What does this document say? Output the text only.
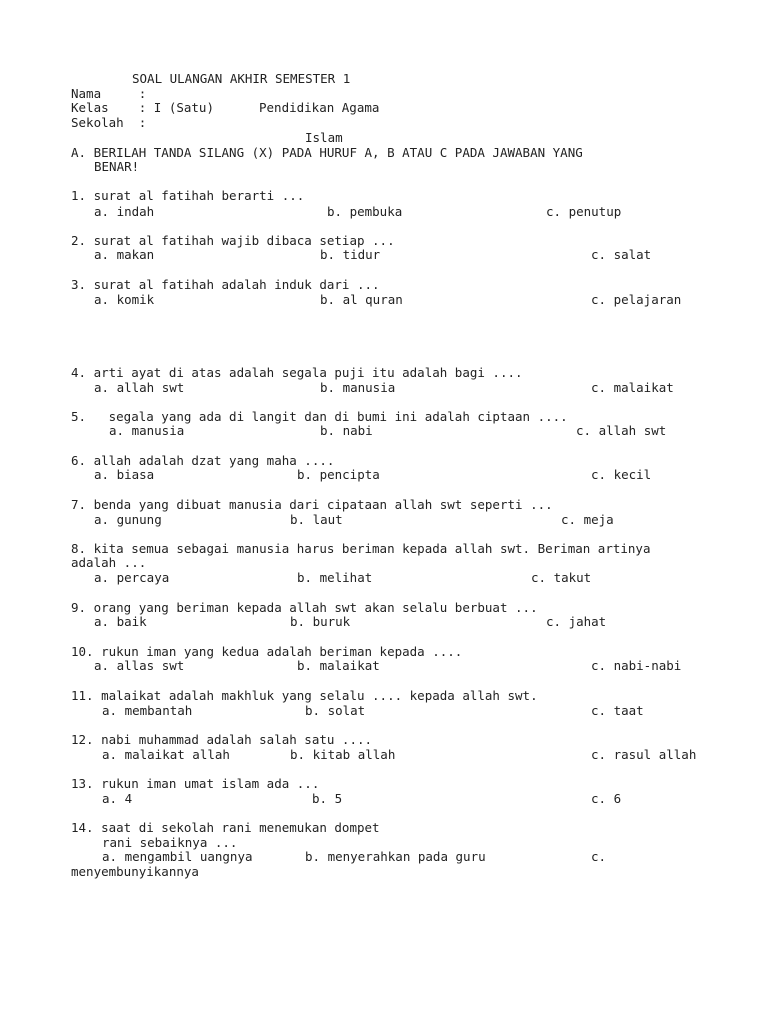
SOAL ULANGAN AKHIR SEMESTER 1
Nama     :
Kelas    : I (Satu)	Pendidikan Agama
Sekolah  :
Islam
A. BERILAH TANDA SILANG (X) PADA HURUF A, B ATAU C PADA JAWABAN YANG
BENAR!
1. surat al fatihah berarti ...
a. indah	b. pembuka	c. penutup
2. surat al fatihah wajib dibaca setiap ...
a. makan	b. tidur	c. salat
3. surat al fatihah adalah induk dari ...
a. komik	b. al quran	c. pelajaran
4. arti ayat di atas adalah segala puji itu adalah bagi ....
a. allah swt	b. manusia	c. malaikat
5.   segala yang ada di langit dan di bumi ini adalah ciptaan ....
a. manusia	b. nabi	c. allah swt
6. allah adalah dzat yang maha ....
a. biasa	b. pencipta	c. kecil
7. benda yang dibuat manusia dari cipataan allah swt seperti ...
a. gunung	b. laut	c. meja
8. kita semua sebagai manusia harus beriman kepada allah swt. Beriman artinya
adalah ...
a. percaya	b. melihat	c. takut
9. orang yang beriman kepada allah swt akan selalu berbuat ...
a. baik	b. buruk	c. jahat
10. rukun iman yang kedua adalah beriman kepada ....
a. allas swt	b. malaikat	c. nabi-nabi
11. malaikat adalah makhluk yang selalu .... kepada allah swt.
a. membantah	b. solat	c. taat
12. nabi muhammad adalah salah satu ....
a. malaikat allah	b. kitab allah	c. rasul allah
13. rukun iman umat islam ada ...
a. 4	b. 5	c. 6
14. saat di sekolah rani menemukan dompet
rani sebaiknya ...
a. mengambil uangnya	b. menyerahkan pada guru	c.
menyembunyikannya
